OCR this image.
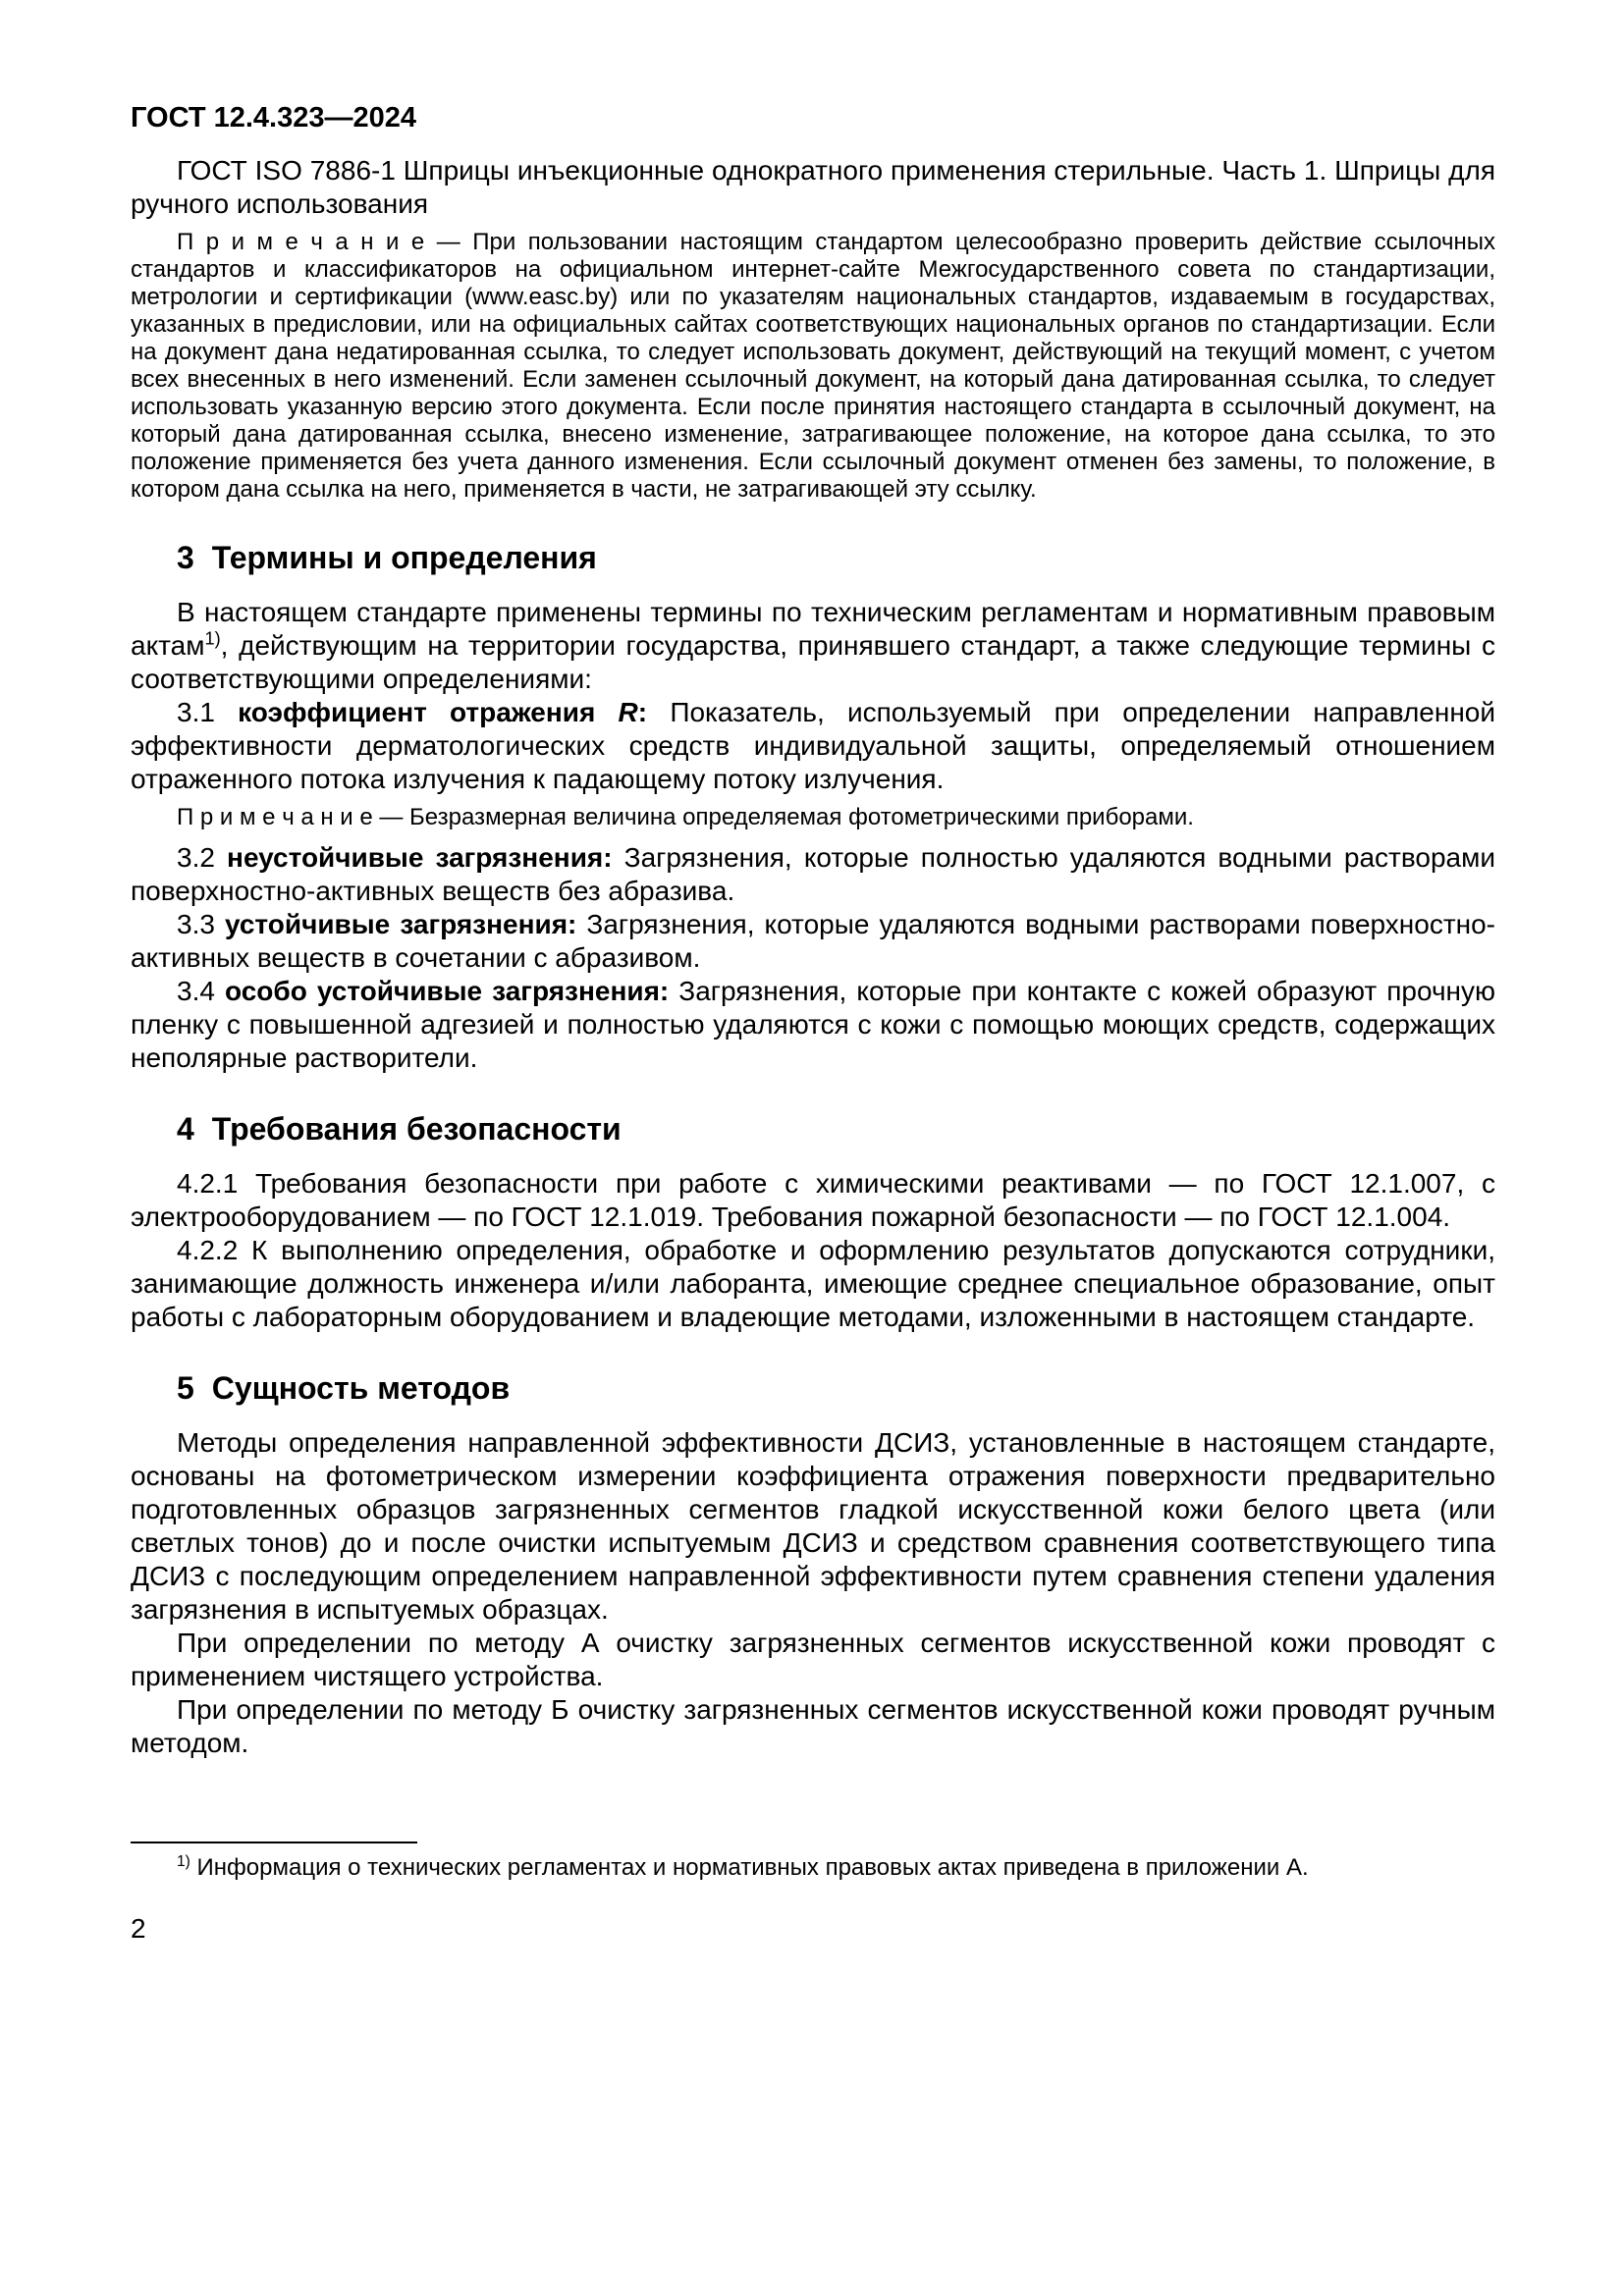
ГОСТ 12.4.323—2024

ГОСТ ISO 7886-1 Шприцы инъекционные однократного применения стерильные. Часть 1. Шприцы для ручного использования

П р и м е ч а н и е — При пользовании настоящим стандартом целесообразно проверить действие ссылочных стандартов и классификаторов на официальном интернет-сайте Межгосударственного совета по стандартизации, метрологии и сертификации (www.easc.by) или по указателям национальных стандартов, издаваемым в государствах, указанных в предисловии, или на официальных сайтах соответствующих национальных органов по стандартизации. Если на документ дана недатированная ссылка, то следует использовать документ, действующий на текущий момент, с учетом всех внесенных в него изменений. Если заменен ссылочный документ, на который дана датированная ссылка, то следует использовать указанную версию этого документа. Если после принятия настоящего стандарта в ссылочный документ, на который дана датированная ссылка, внесено изменение, затрагивающее положение, на которое дана ссылка, то это положение применяется без учета данного изменения. Если ссылочный документ отменен без замены, то положение, в котором дана ссылка на него, применяется в части, не затрагивающей эту ссылку.

3 Термины и определения

В настоящем стандарте применены термины по техническим регламентам и нормативным правовым актам$^{1)}$, действующим на территории государства, принявшего стандарт, а также следующие термины с соответствующими определениями:

3.1 коэффициент отражения R: Показатель, используемый при определении направленной эффективности дерматологических средств индивидуальной защиты, определяемый отношением отраженного потока излучения к падающему потоку излучения.

П р и м е ч а н и е — Безразмерная величина определяемая фотометрическими приборами.

3.2 неустойчивые загрязнения: Загрязнения, которые полностью удаляются водными растворами поверхностно-активных веществ без абразива.

3.3 устойчивые загрязнения: Загрязнения, которые удаляются водными растворами поверхностно-активных веществ в сочетании с абразивом.

3.4 особо устойчивые загрязнения: Загрязнения, которые при контакте с кожей образуют прочную пленку с повышенной адгезией и полностью удаляются с кожи с помощью моющих средств, содержащих неполярные растворители.

4 Требования безопасности

4.2.1 Требования безопасности при работе с химическими реактивами — по ГОСТ 12.1.007, с электрооборудованием — по ГОСТ 12.1.019. Требования пожарной безопасности — по ГОСТ 12.1.004.

4.2.2 К выполнению определения, обработке и оформлению результатов допускаются сотрудники, занимающие должность инженера и/или лаборанта, имеющие среднее специальное образование, опыт работы с лабораторным оборудованием и владеющие методами, изложенными в настоящем стандарте.

5 Сущность методов

Методы определения направленной эффективности ДСИЗ, установленные в настоящем стандарте, основаны на фотометрическом измерении коэффициента отражения поверхности предварительно подготовленных образцов загрязненных сегментов гладкой искусственной кожи белого цвета (или светлых тонов) до и после очистки испытуемым ДСИЗ и средством сравнения соответствующего типа ДСИЗ с последующим определением направленной эффективности путем сравнения степени удаления загрязнения в испытуемых образцах.

При определении по методу А очистку загрязненных сегментов искусственной кожи проводят с применением чистящего устройства.

При определении по методу Б очистку загрязненных сегментов искусственной кожи проводят ручным методом.

$^{1)}$ Информация о технических регламентах и нормативных правовых актах приведена в приложении А.

2
